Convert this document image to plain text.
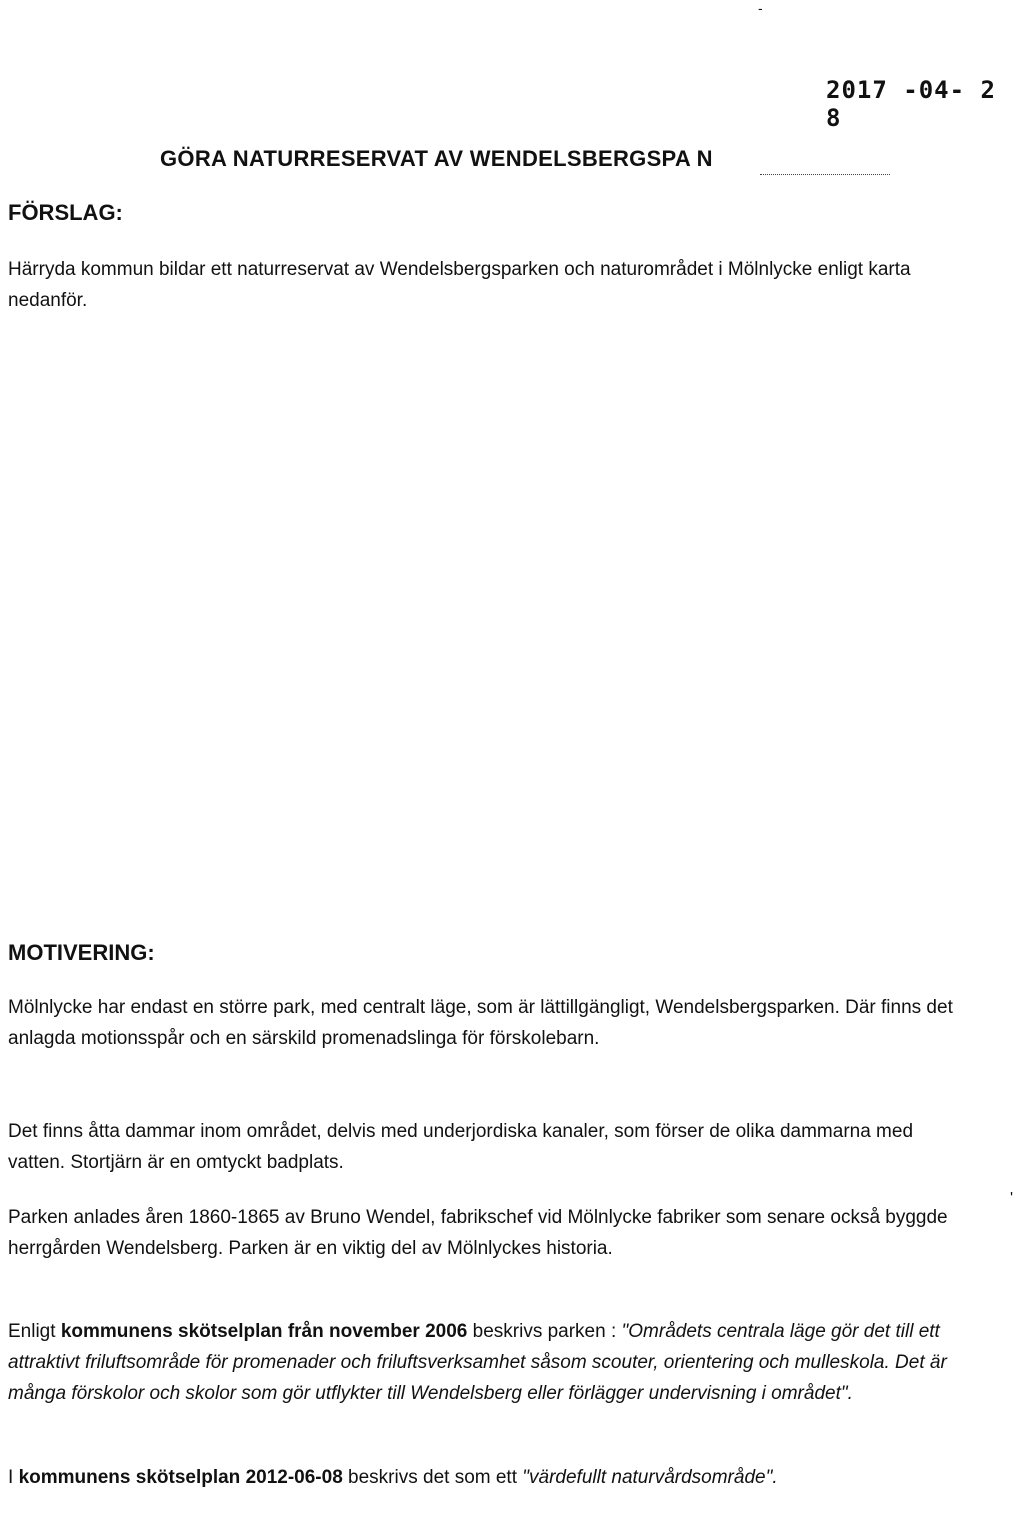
-
2017 -04- 2 8
GÖRA NATURRESERVAT AV WENDELSBERGSPA N
FÖRSLAG:
Härryda kommun bildar ett naturreservat av Wendelsbergsparken och naturområdet i Mölnlycke enligt karta nedanför.
MOTIVERING:
Mölnlycke har endast en större park, med centralt läge, som är lättillgängligt, Wendelsbergsparken. Där finns det anlagda motionsspår och en särskild promenadslinga för förskolebarn.
Det finns åtta dammar inom området, delvis med underjordiska kanaler, som förser de olika dammarna med vatten. Stortjärn är en omtyckt badplats.
Parken anlades åren 1860-1865 av Bruno Wendel, fabrikschef vid Mölnlycke fabriker som senare också byggde herrgården Wendelsberg. Parken är en viktig del av Mölnlyckes historia.
Enligt kommunens skötselplan från november 2006 beskrivs parken : "Områdets centrala läge gör det till ett attraktivt friluftsområde för promenader och friluftsverksamhet såsom scouter, orientering och mulleskola. Det är många förskolor och skolor som gör utflykter till Wendelsberg eller förlägger undervisning i området".
I kommunens skötselplan 2012-06-08 beskrivs det som ett "värdefullt naturvårdsområde".
'
